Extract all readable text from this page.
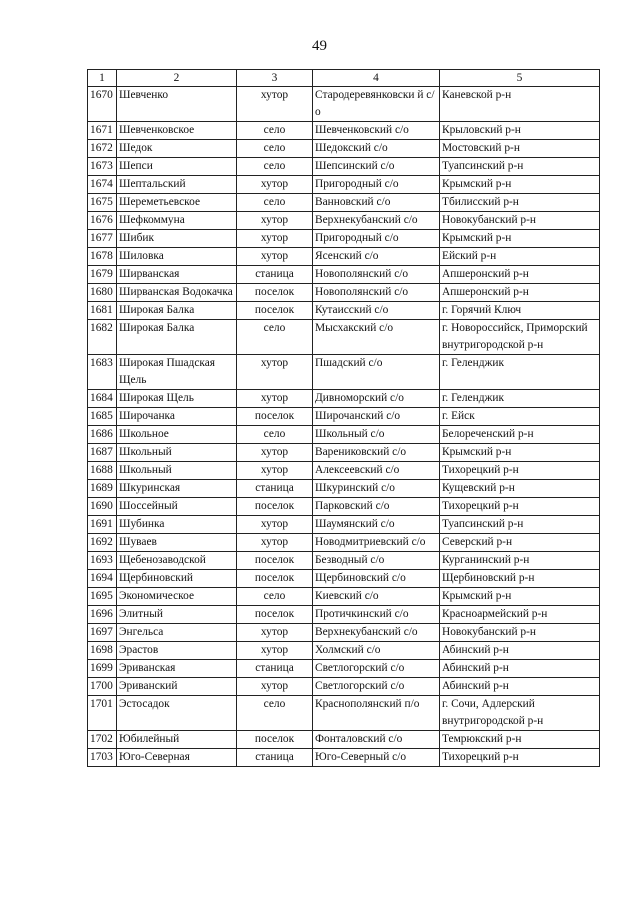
49
1	2	3	4	5
1670	Шевченко	хутор	Стародеревянковски й с/о	Каневской р-н
1671	Шевченковское	село	Шевченковский с/о	Крыловский р-н
1672	Шедок	село	Шедокский с/о	Мостовский р-н
1673	Шепси	село	Шепсинский с/о	Туапсинский р-н
1674	Шептальский	хутор	Пригородный с/о	Крымский р-н
1675	Шереметьевское	село	Ванновский с/о	Тбилисский р-н
1676	Шефкоммуна	хутор	Верхнекубанский с/о	Новокубанский р-н
1677	Шибик	хутор	Пригородный с/о	Крымский р-н
1678	Шиловка	хутор	Ясенский с/о	Ейский р-н
1679	Ширванская	станица	Новополянский с/о	Апшеронский р-н
1680	Ширванская Водокачка	поселок	Новополянский с/о	Апшеронский р-н
1681	Широкая Балка	поселок	Кутаисский с/о	г. Горячий Ключ
1682	Широкая Балка	село	Мысхакский с/о	г. Новороссийск, Приморский внутригородской р-н
1683	Широкая Пшадская Щель	хутор	Пшадский с/о	г. Геленджик
1684	Широкая Щель	хутор	Дивноморский с/о	г. Геленджик
1685	Широчанка	поселок	Широчанский с/о	г. Ейск
1686	Школьное	село	Школьный с/о	Белореченский р-н
1687	Школьный	хутор	Варениковский с/о	Крымский р-н
1688	Школьный	хутор	Алексеевский с/о	Тихорецкий р-н
1689	Шкуринская	станица	Шкуринский с/о	Кущевский р-н
1690	Шоссейный	поселок	Парковский с/о	Тихорецкий р-н
1691	Шубинка	хутор	Шаумянский с/о	Туапсинский р-н
1692	Шуваев	хутор	Новодмитриевский с/о	Северский р-н
1693	Щебенозаводской	поселок	Безводный с/о	Курганинский р-н
1694	Щербиновский	поселок	Щербиновский с/о	Щербиновский р-н
1695	Экономическое	село	Киевский с/о	Крымский р-н
1696	Элитный	поселок	Протичкинский с/о	Красноармейский р-н
1697	Энгельса	хутор	Верхнекубанский с/о	Новокубанский р-н
1698	Эрастов	хутор	Холмский с/о	Абинский р-н
1699	Эриванская	станица	Светлогорский с/о	Абинский р-н
1700	Эриванский	хутор	Светлогорский с/о	Абинский р-н
1701	Эстосадок	село	Краснополянский п/о	г. Сочи, Адлерский внутригородской р-н
1702	Юбилейный	поселок	Фонталовский с/о	Темрюкский р-н
1703	Юго-Северная	станица	Юго-Северный с/о	Тихорецкий р-н
